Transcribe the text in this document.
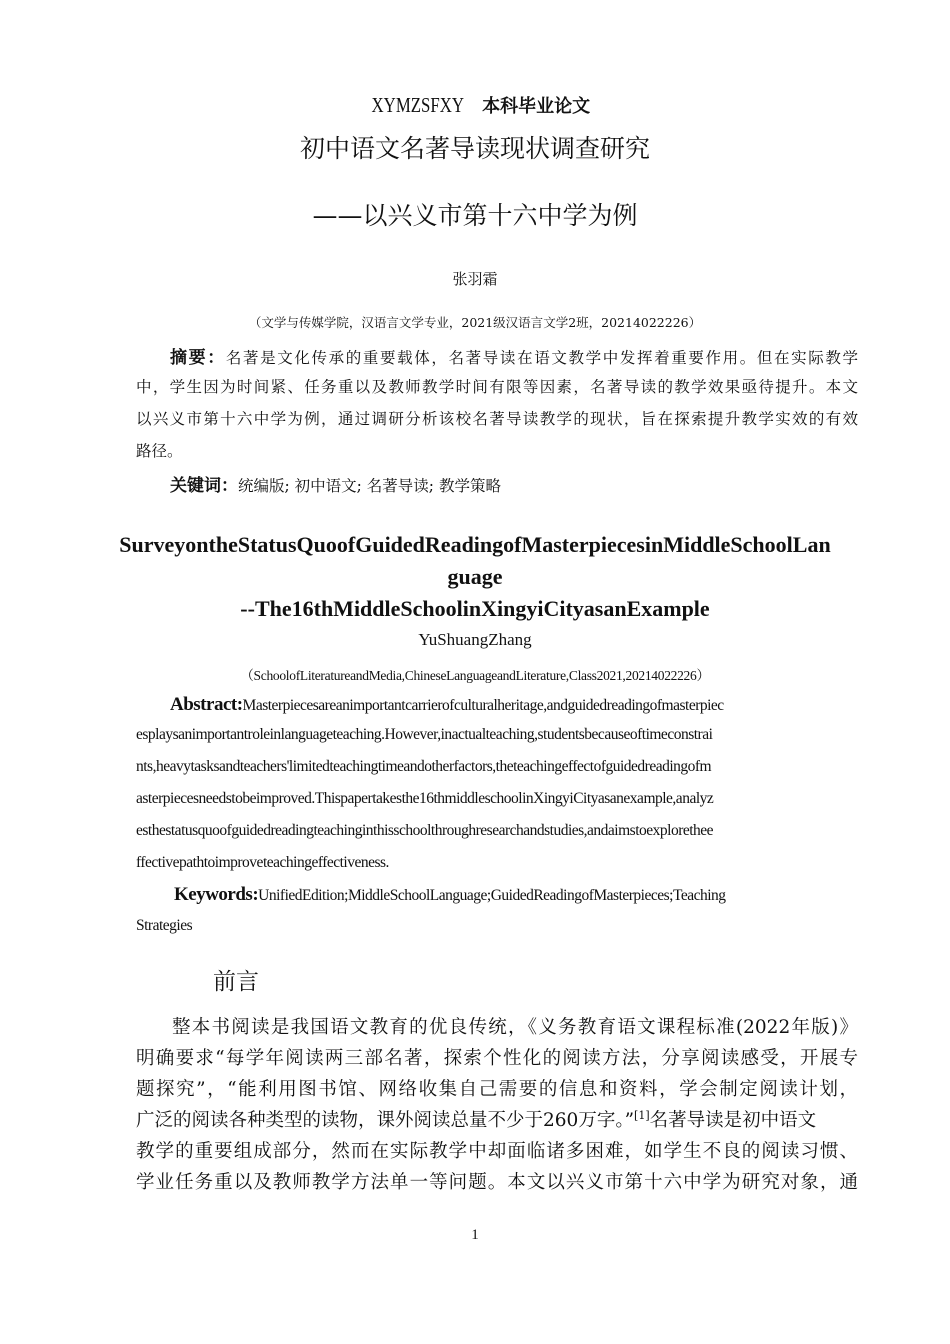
XYMZSFXY 本科毕业论文
初中语文名著导读现状调查研究
——以兴义市第十六中学为例
张羽霜
（文学与传媒学院，汉语言文学专业，2021级汉语言文学2班，20214022226）
摘要：名著是文化传承的重要载体，名著导读在语文教学中发挥着重要作用。但在实际教学
中，学生因为时间紧、任务重以及教师教学时间有限等因素，名著导读的教学效果亟待提升。本文
以兴义市第十六中学为例，通过调研分析该校名著导读教学的现状，旨在探索提升教学实效的有效
路径。
关键词：统编版; 初中语文; 名著导读; 教学策略
SurveyontheStatusQuoofGuidedReadingofMasterpiecesinMiddleSchoolLan
guage
--The16thMiddleSchoolinXingyiCityasanExample
YuShuangZhang
（SchoolofLiteratureandMedia,ChineseLanguageandLiterature,Class2021,20214022226）
Abstract:Masterpiecesareanimportantcarrierofculturalheritage,andguidedreadingofmasterpiec
esplaysanimportantroleinlanguageteaching.However,inactualteaching,studentsbecauseoftimeconstrai
nts,heavytasksandteachers'limitedteachingtimeandotherfactors,theteachingeffectofguidedreadingofm
asterpiecesneedstobeimproved.Thispapertakesthe16thmiddleschoolinXingyiCityasanexample,analyz
esthestatusquoofguidedreadingteachinginthisschoolthroughresearchandstudies,andaimstoexplorethee
ffectivepathtoimproveteachingeffectiveness.
Keywords:UnifiedEdition;MiddleSchoolLanguage;GuidedReadingofMasterpieces;Teaching
Strategies
前言
整本书阅读是我国语文教育的优良传统，《义务教育语文课程标准(2022年版)》
明确要求“每学年阅读两三部名著，探索个性化的阅读方法，分享阅读感受，开展专
题探究”，“能利用图书馆、网络收集自己需要的信息和资料，学会制定阅读计划，
广泛的阅读各种类型的读物，课外阅读总量不少于260万字。”[1]名著导读是初中语文
教学的重要组成部分，然而在实际教学中却面临诸多困难，如学生不良的阅读习惯、
学业任务重以及教师教学方法单一等问题。本文以兴义市第十六中学为研究对象，通
1
